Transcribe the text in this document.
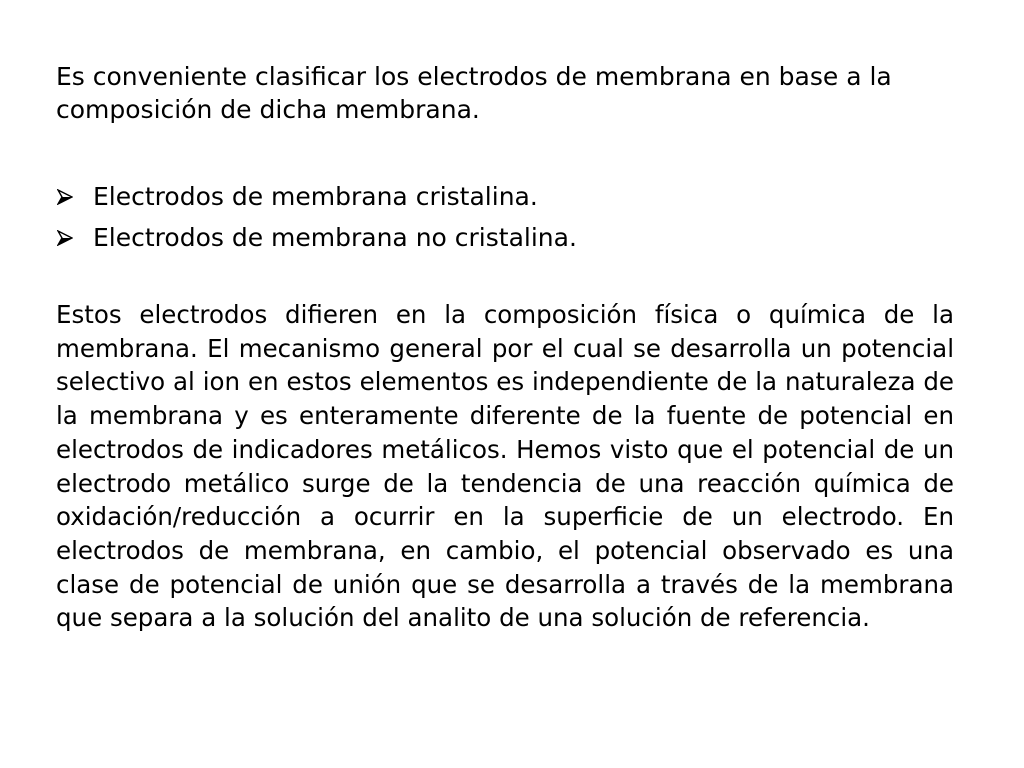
Es conveniente clasificar los electrodos de membrana en base a la composición de dicha membrana.

Electrodos de membrana cristalina.
Electrodos de membrana no cristalina.

Estos electrodos difieren en la composición física o química de la membrana. El mecanismo general por el cual se desarrolla un potencial selectivo al ion en estos elementos es independiente de la naturaleza de la membrana y es enteramente diferente de la fuente de potencial en electrodos de indicadores metálicos. Hemos visto que el potencial de un electrodo metálico surge de la tendencia de una reacción química de oxidación/reducción a ocurrir en la superficie de un electrodo. En electrodos de membrana, en cambio, el potencial observado es una clase de potencial de unión que se desarrolla a través de la membrana que separa a la solución del analito de una solución de referencia.
